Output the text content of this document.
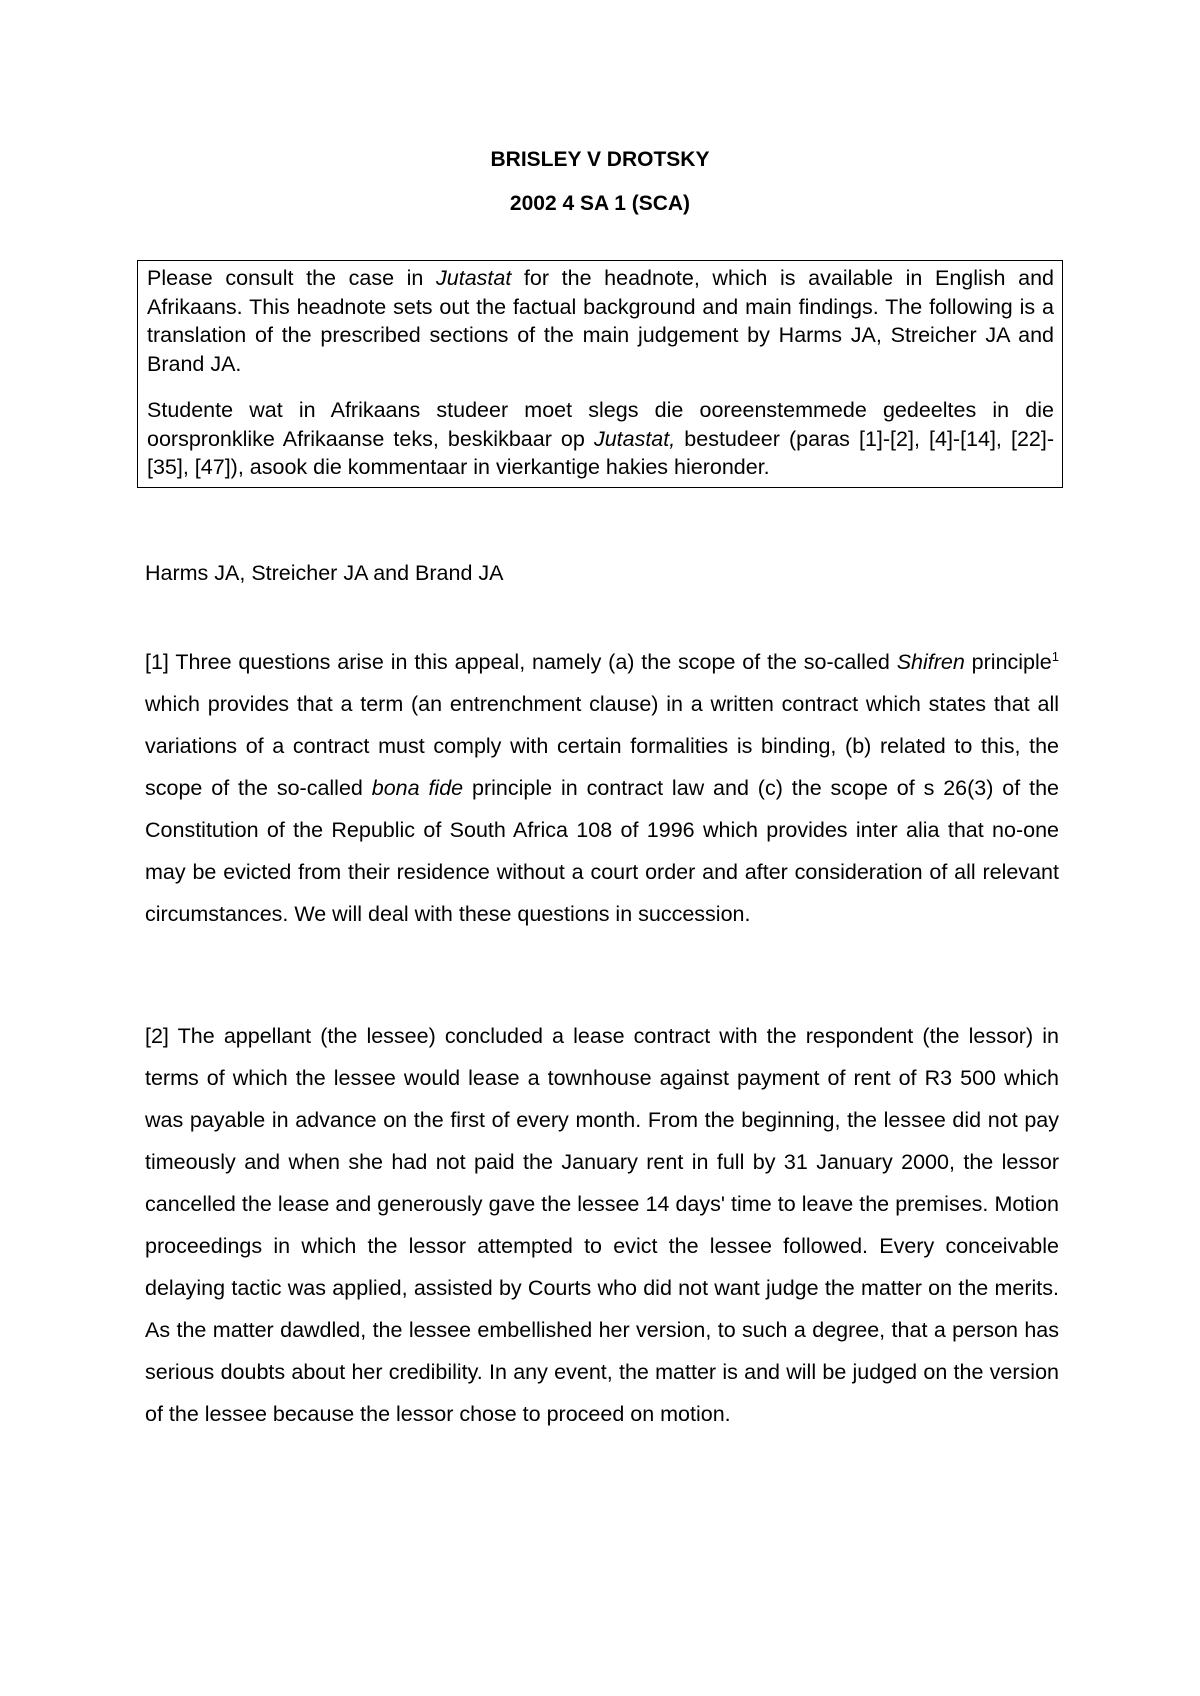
BRISLEY V DROTSKY
2002 4 SA 1 (SCA)

Please consult the case in Jutastat for the headnote, which is available in English and Afrikaans. This headnote sets out the factual background and main findings. The following is a translation of the prescribed sections of the main judgement by Harms JA, Streicher JA and Brand JA.

Studente wat in Afrikaans studeer moet slegs die ooreenstemmede gedeeltes in die oorspronklike Afrikaanse teks, beskikbaar op Jutastat, bestudeer (paras [1]-[2], [4]-[14], [22]-[35], [47]), asook die kommentaar in vierkantige hakies hieronder.

Harms JA, Streicher JA and Brand JA

[1] Three questions arise in this appeal, namely (a) the scope of the so-called Shifren principle$^1$ which provides that a term (an entrenchment clause) in a written contract which states that all variations of a contract must comply with certain formalities is binding, (b) related to this, the scope of the so-called bona fide principle in contract law and (c) the scope of s 26(3) of the Constitution of the Republic of South Africa 108 of 1996 which provides inter alia that no-one may be evicted from their residence without a court order and after consideration of all relevant circumstances. We will deal with these questions in succession.

[2] The appellant (the lessee) concluded a lease contract with the respondent (the lessor) in terms of which the lessee would lease a townhouse against payment of rent of R3 500 which was payable in advance on the first of every month. From the beginning, the lessee did not pay timeously and when she had not paid the January rent in full by 31 January 2000, the lessor cancelled the lease and generously gave the lessee 14 days' time to leave the premises. Motion proceedings in which the lessor attempted to evict the lessee followed. Every conceivable delaying tactic was applied, assisted by Courts who did not want judge the matter on the merits. As the matter dawdled, the lessee embellished her version, to such a degree, that a person has serious doubts about her credibility. In any event, the matter is and will be judged on the version of the lessee because the lessor chose to proceed on motion.
